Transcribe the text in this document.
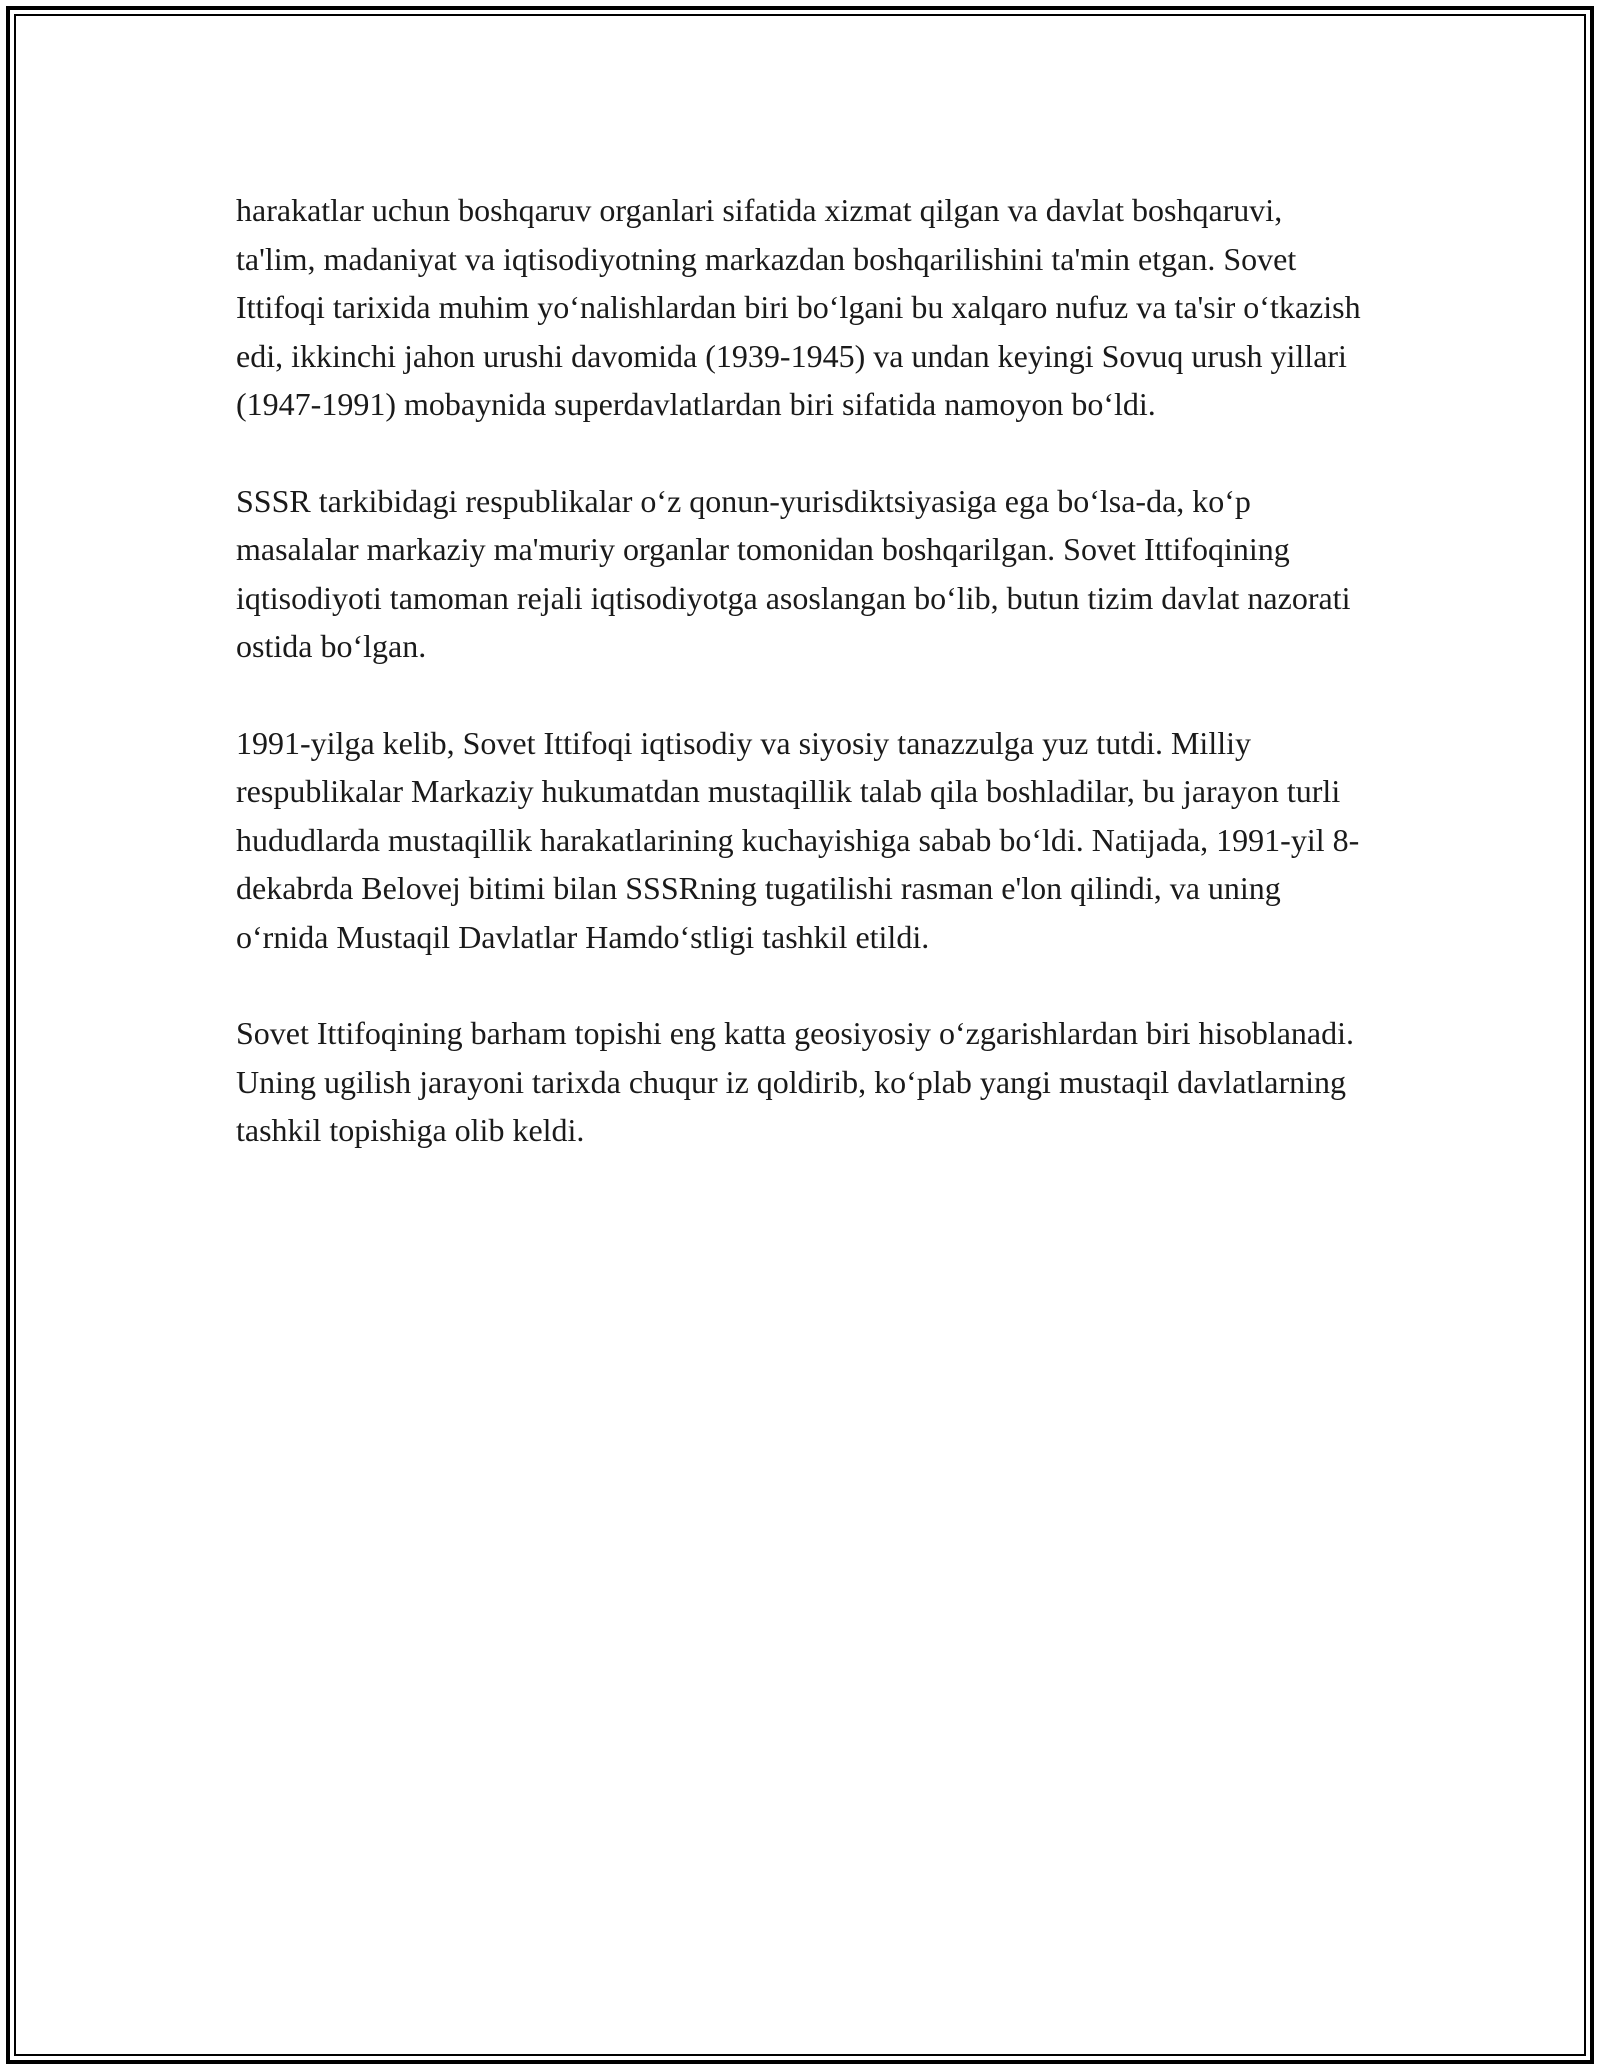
harakatlar uchun boshqaruv organlari sifatida xizmat qilgan va davlat boshqaruvi, ta'lim, madaniyat va iqtisodiyotning markazdan boshqarilishini ta'min etgan. Sovet Ittifoqi tarixida muhim yo‘nalishlardan biri bo‘lgani bu xalqaro nufuz va ta'sir o‘tkazish edi, ikkinchi jahon urushi davomida (1939-1945) va undan keyingi Sovuq urush yillari (1947-1991) mobaynida superdavlatlardan biri sifatida namoyon bo‘ldi.

SSSR tarkibidagi respublikalar o‘z qonun-yurisdiktsiyasiga ega bo‘lsa-da, ko‘p masalalar markaziy ma'muriy organlar tomonidan boshqarilgan. Sovet Ittifoqining iqtisodiyoti tamoman rejali iqtisodiyotga asoslangan bo‘lib, butun tizim davlat nazorati ostida bo‘lgan.

1991-yilga kelib, Sovet Ittifoqi iqtisodiy va siyosiy tanazzulga yuz tutdi. Milliy respublikalar Markaziy hukumatdan mustaqillik talab qila boshladilar, bu jarayon turli hududlarda mustaqillik harakatlarining kuchayishiga sabab bo‘ldi. Natijada, 1991-yil 8-dekabrda Belovej bitimi bilan SSSRning tugatilishi rasman e'lon qilindi, va uning o‘rnida Mustaqil Davlatlar Hamdo‘stligi tashkil etildi.

Sovet Ittifoqining barham topishi eng katta geosiyosiy o‘zgarishlardan biri hisoblanadi. Uning ugilish jarayoni tarixda chuqur iz qoldirib, ko‘plab yangi mustaqil davlatlarning tashkil topishiga olib keldi.
